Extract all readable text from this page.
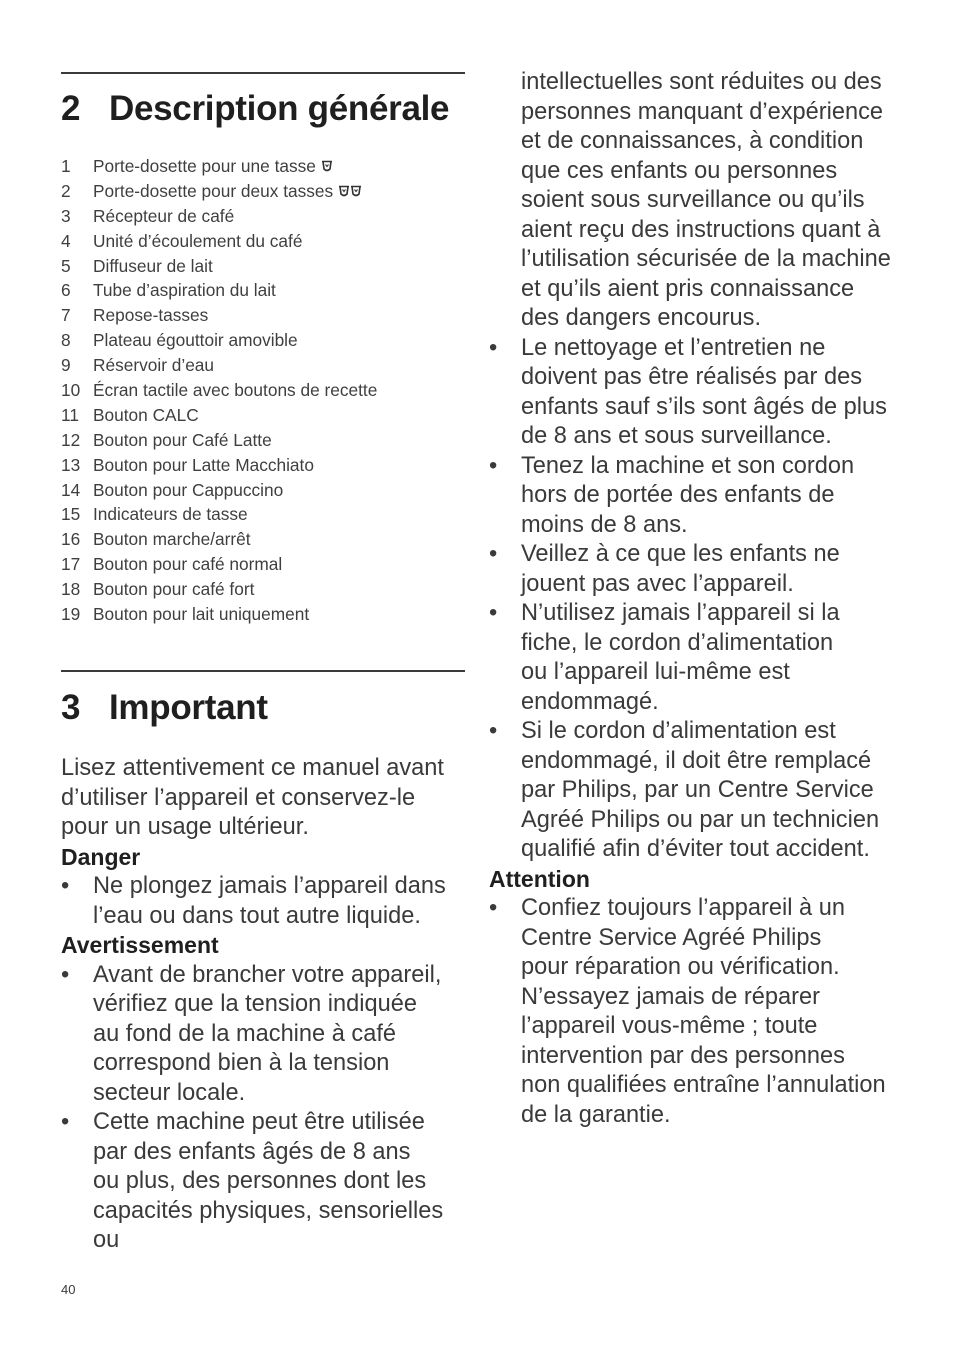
2 Description générale
1 Porte-dosette pour une tasse
2 Porte-dosette pour deux tasses
3 Récepteur de café
4 Unité d’écoulement du café
5 Diffuseur de lait
6 Tube d’aspiration du lait
7 Repose-tasses
8 Plateau égouttoir amovible
9 Réservoir d’eau
10 Écran tactile avec boutons de recette
11 Bouton CALC
12 Bouton pour Café Latte
13 Bouton pour Latte Macchiato
14 Bouton pour Cappuccino
15 Indicateurs de tasse
16 Bouton marche/arrêt
17 Bouton pour café normal
18 Bouton pour café fort
19 Bouton pour lait uniquement
3 Important
Lisez attentivement ce manuel avant
d’utiliser l’appareil et conservez-le
pour un usage ultérieur.

Danger

• Ne plongez jamais l’appareil dans
l’eau ou dans tout autre liquide.

Avertissement

• Avant de brancher votre appareil,
vérifiez que la tension indiquée
au fond de la machine à café
correspond bien à la tension
secteur locale.
• Cette machine peut être utilisée
par des enfants âgés de 8 ans
ou plus, des personnes dont les
capacités physiques, sensorielles ou
intellectuelles sont réduites ou des
personnes manquant d’expérience
et de connaissances, à condition
que ces enfants ou personnes
soient sous surveillance ou qu’ils
aient reçu des instructions quant à
l’utilisation sécurisée de la machine
et qu’ils aient pris connaissance
des dangers encourus.
• Le nettoyage et l’entretien ne
doivent pas être réalisés par des
enfants sauf s’ils sont âgés de plus
de 8 ans et sous surveillance.
• Tenez la machine et son cordon
hors de portée des enfants de
moins de 8 ans.
• Veillez à ce que les enfants ne
jouent pas avec l’appareil.
• N’utilisez jamais l’appareil si la
fiche, le cordon d’alimentation
ou l’appareil lui-même est
endommagé.
• Si le cordon d’alimentation est
endommagé, il doit être remplacé
par Philips, par un Centre Service
Agréé Philips ou par un technicien
qualifié afin d’éviter tout accident.

Attention

• Confiez toujours l’appareil à un
Centre Service Agréé Philips
pour réparation ou vérification.
N’essayez jamais de réparer
l’appareil vous-même ; toute
intervention par des personnes
non qualifiées entraîne l’annulation
de la garantie.
40
